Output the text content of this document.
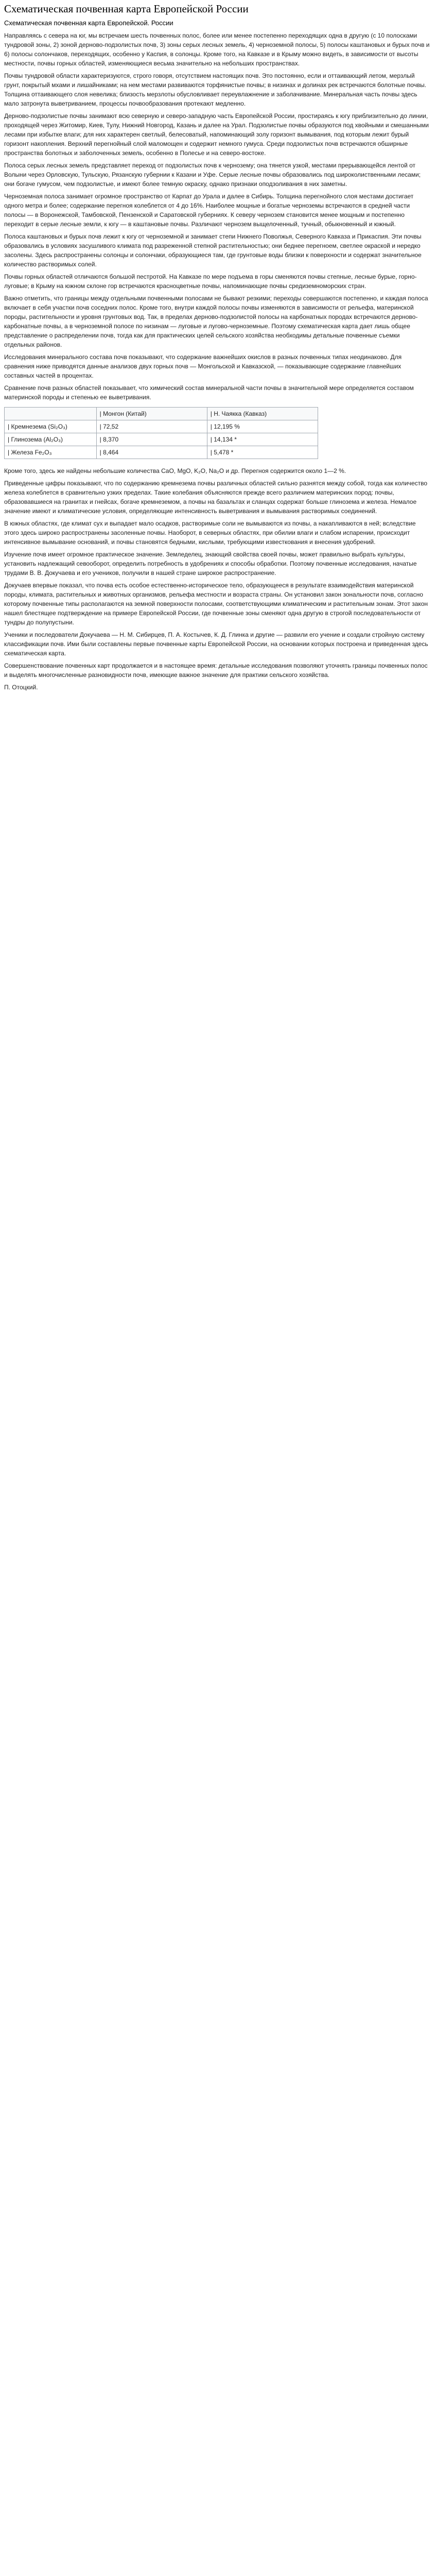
Схематическая почвенная карта Европейской России
Схематическая почвенная карта Европейской. России

Направляясь с севера на юг, мы встречаем шесть почвенных полос, более или менее постепенно переходящих одна в другую (с 10 полосками тундровой зоны, 2) зоной дерново-подзолистых почв, 3) зоны серых лесных земель, 4) черноземной полосы, 5) полосы каштановых и бурых почв и 6) полосы солончаков, переходящих, особенно у Каспия, в солонцы. Кроме того, на Кавказе и в Крыму можно видеть, в зависимости от высоты местности, почвы горных областей, изменяющиеся весьма значительно на небольших пространствах.

Почвы тундровой области характеризуются, строго говоря, отсутствием настоящих почв. Это постоянно, если и оттаивающий летом, мерзлый грунт, покрытый мхами и лишайниками; на нем местами развиваются торфянистые почвы; в низинах и долинах рек встречаются болотные почвы. Толщина оттаивающего слоя невелика; близость мерзлоты обусловливает переувлажнение и заболачивание. Минеральная часть почвы здесь мало затронута выветриванием, процессы почвообразования протекают медленно.

Дерново-подзолистые почвы занимают всю северную и северо-западную часть Европейской России, простираясь к югу приблизительно до линии, проходящей через Житомир, Киев, Тулу, Нижний Новгород, Казань и далее на Урал. Подзолистые почвы образуются под хвойными и смешанными лесами при избытке влаги; для них характерен светлый, белесоватый, напоминающий золу горизонт вымывания, под которым лежит бурый горизонт накопления. Верхний перегнойный слой маломощен и содержит немного гумуса. Среди подзолистых почв встречаются обширные пространства болотных и заболоченных земель, особенно в Полесье и на северо-востоке.

Полоса серых лесных земель представляет переход от подзолистых почв к чернозему; она тянется узкой, местами прерывающейся лентой от Волыни через Орловскую, Тульскую, Рязанскую губернии к Казани и Уфе. Серые лесные почвы образовались под широколиственными лесами; они богаче гумусом, чем подзолистые, и имеют более темную окраску, однако признаки оподзоливания в них заметны.

Черноземная полоса занимает огромное пространство от Карпат до Урала и далее в Сибирь. Толщина перегнойного слоя местами достигает одного метра и более; содержание перегноя колеблется от 4 до 16%. Наиболее мощные и богатые черноземы встречаются в средней части полосы — в Воронежской, Тамбовской, Пензенской и Саратовской губерниях. К северу чернозем становится менее мощным и постепенно переходит в серые лесные земли, к югу — в каштановые почвы. Различают чернозем выщелоченный, тучный, обыкновенный и южный.

Полоса каштановых и бурых почв лежит к югу от черноземной и занимает степи Нижнего Поволжья, Северного Кавказа и Прикаспия. Эти почвы образовались в условиях засушливого климата под разреженной степной растительностью; они беднее перегноем, светлее окраской и нередко засолены. Здесь распространены солонцы и солончаки, образующиеся там, где грунтовые воды близки к поверхности и содержат значительное количество растворимых солей.

Почвы горных областей отличаются большой пестротой. На Кавказе по мере подъема в горы сменяются почвы степные, лесные бурые, горно-луговые; в Крыму на южном склоне гор встречаются красноцветные почвы, напоминающие почвы средиземноморских стран.

Важно отметить, что границы между отдельными почвенными полосами не бывают резкими; переходы совершаются постепенно, и каждая полоса включает в себя участки почв соседних полос. Кроме того, внутри каждой полосы почвы изменяются в зависимости от рельефа, материнской породы, растительности и уровня грунтовых вод. Так, в пределах дерново-подзолистой полосы на карбонатных породах встречаются дерново-карбонатные почвы, а в черноземной полосе по низинам — луговые и лугово-черноземные. Поэтому схематическая карта дает лишь общее представление о распределении почв, тогда как для практических целей сельского хозяйства необходимы детальные почвенные съемки отдельных районов.

Исследования минерального состава почв показывают, что содержание важнейших окислов в разных почвенных типах неодинаково. Для сравнения ниже приводятся данные анализов двух горных почв — Монгольской и Кавказской, — показывающие содержание главнейших составных частей в процентах.

Сравнение почв разных областей показывает, что химический состав минеральной части почвы в значительной мере определяется составом материнской породы и степенью ее выветривания.

	| Монгон (Китай)	| Н. Чаякка (Кавказ)
| Кремнезема (Si₂O₃)	| 72,52	| 12,195 %
| Глинозема (Al₂O₃)	| 8,370	| 14,134 *
| Железа Fe₂O₃	| 8,464	| 5,478 *

Кроме того, здесь же найдены небольшие количества CaO, MgO, K₂O, Na₂O и др. Перегноя содержится около 1—2 %.

Приведенные цифры показывают, что по содержанию кремнезема почвы различных областей сильно разнятся между собой, тогда как количество железа колеблется в сравнительно узких пределах. Такие колебания объясняются прежде всего различием материнских пород: почвы, образовавшиеся на гранитах и гнейсах, богаче кремнеземом, а почвы на базальтах и сланцах содержат больше глинозема и железа. Немалое значение имеют и климатические условия, определяющие интенсивность выветривания и вымывания растворимых соединений.

В южных областях, где климат сух и выпадает мало осадков, растворимые соли не вымываются из почвы, а накапливаются в ней; вследствие этого здесь широко распространены засоленные почвы. Наоборот, в северных областях, при обилии влаги и слабом испарении, происходит интенсивное вымывание оснований, и почвы становятся бедными, кислыми, требующими известкования и внесения удобрений.

Изучение почв имеет огромное практическое значение. Земледелец, знающий свойства своей почвы, может правильно выбрать культуры, установить надлежащий севооборот, определить потребность в удобрениях и способы обработки. Поэтому почвенные исследования, начатые трудами В. В. Докучаева и его учеников, получили в нашей стране широкое распространение.

Докучаев впервые показал, что почва есть особое естественно-историческое тело, образующееся в результате взаимодействия материнской породы, климата, растительных и животных организмов, рельефа местности и возраста страны. Он установил закон зональности почв, согласно которому почвенные типы располагаются на земной поверхности полосами, соответствующими климатическим и растительным зонам. Этот закон нашел блестящее подтверждение на примере Европейской России, где почвенные зоны сменяют одна другую в строгой последовательности от тундры до полупустыни.

Ученики и последователи Докучаева — Н. М. Сибирцев, П. А. Костычев, К. Д. Глинка и другие — развили его учение и создали стройную систему классификации почв. Ими были составлены первые почвенные карты Европейской России, на основании которых построена и приведенная здесь схематическая карта.

Совершенствование почвенных карт продолжается и в настоящее время: детальные исследования позволяют уточнять границы почвенных полос и выделять многочисленные разновидности почв, имеющие важное значение для практики сельского хозяйства.

П. Отоцкий.
